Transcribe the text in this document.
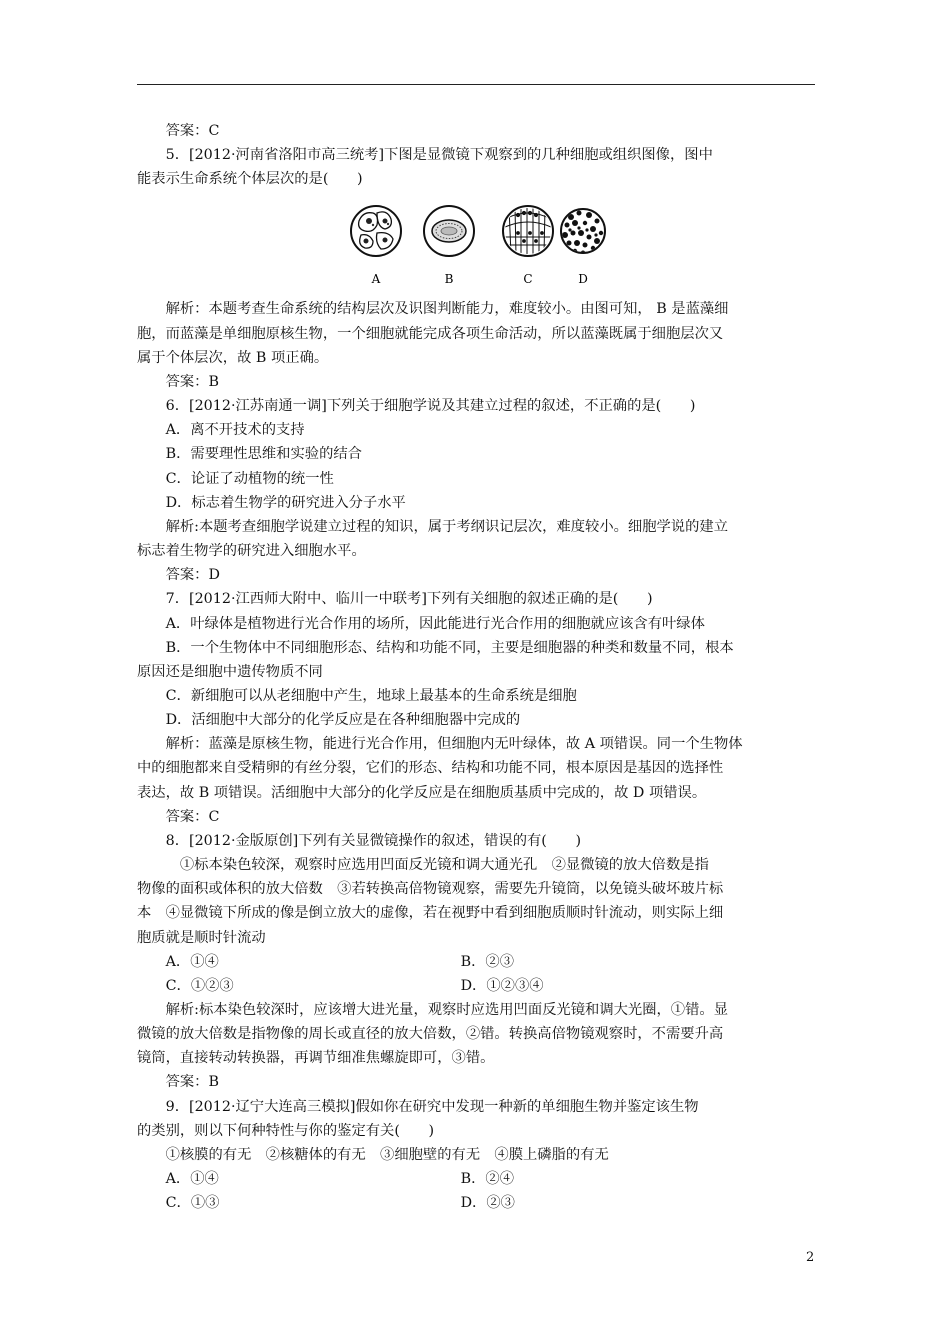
答案：C

5．[2012·河南省洛阳市高三统考]下图是显微镜下观察到的几种细胞或组织图像，图中

能表示生命系统个体层次的是(　　)

A	B	C	D

解析：本题考查生命系统的结构层次及识图判断能力，难度较小。由图可知， B 是蓝藻细

胞，而蓝藻是单细胞原核生物，一个细胞就能完成各项生命活动，所以蓝藻既属于细胞层次又

属于个体层次，故 B 项正确。

答案：B

6．[2012·江苏南通一调]下列关于细胞学说及其建立过程的叙述，不正确的是(　　)

A．离不开技术的支持

B．需要理性思维和实验的结合

C．论证了动植物的统一性

D．标志着生物学的研究进入分子水平

解析:本题考查细胞学说建立过程的知识，属于考纲识记层次，难度较小。细胞学说的建立

标志着生物学的研究进入细胞水平。

答案：D

7．[2012·江西师大附中、临川一中联考]下列有关细胞的叙述正确的是(　　)

A．叶绿体是植物进行光合作用的场所，因此能进行光合作用的细胞就应该含有叶绿体

B．一个生物体中不同细胞形态、结构和功能不同，主要是细胞器的种类和数量不同，根本

原因还是细胞中遗传物质不同

C．新细胞可以从老细胞中产生，地球上最基本的生命系统是细胞

D．活细胞中大部分的化学反应是在各种细胞器中完成的

解析：蓝藻是原核生物，能进行光合作用，但细胞内无叶绿体，故 A 项错误。同一个生物体

中的细胞都来自受精卵的有丝分裂，它们的形态、结构和功能不同，根本原因是基因的选择性

表达，故 B 项错误。活细胞中大部分的化学反应是在细胞质基质中完成的，故 D 项错误。

答案：C

8．[2012·金版原创]下列有关显微镜操作的叙述，错误的有(　　)

　①标本染色较深，观察时应选用凹面反光镜和调大通光孔　②显微镜的放大倍数是指

物像的面积或体积的放大倍数　③若转换高倍物镜观察，需要先升镜筒，以免镜头破坏玻片标

本　④显微镜下所成的像是倒立放大的虚像，若在视野中看到细胞质顺时针流动，则实际上细

胞质就是顺时针流动

A．①④	B．②③
C．①②③	D．①②③④

解析:标本染色较深时，应该增大进光量，观察时应选用凹面反光镜和调大光圈，①错。显

微镜的放大倍数是指物像的周长或直径的放大倍数，②错。转换高倍物镜观察时，不需要升高

镜筒，直接转动转换器，再调节细准焦螺旋即可，③错。

答案：B

9．[2012·辽宁大连高三模拟]假如你在研究中发现一种新的单细胞生物并鉴定该生物

的类别，则以下何种特性与你的鉴定有关(　　)

①核膜的有无　②核糖体的有无　③细胞壁的有无　④膜上磷脂的有无

A．①④	B．②④
C．①③	D．②③
2
